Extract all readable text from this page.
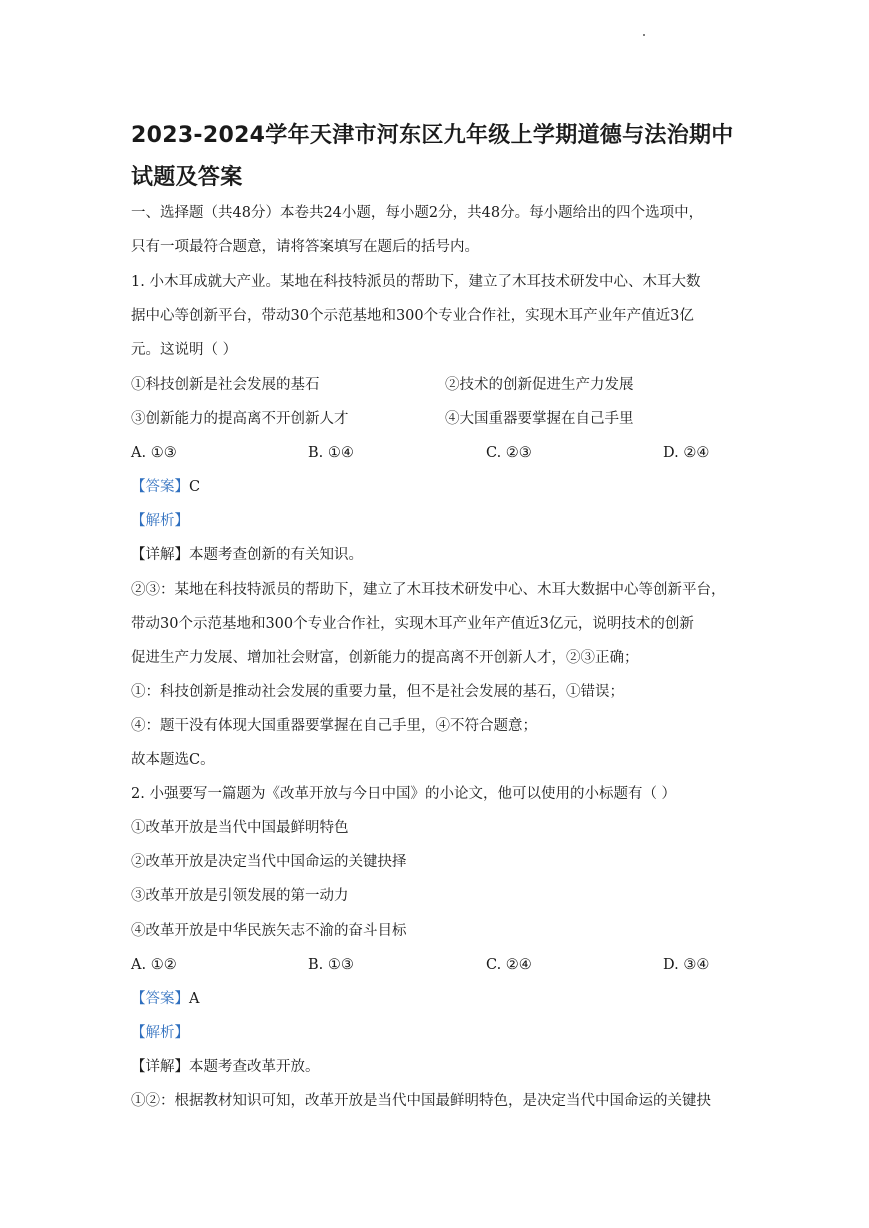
2023-2024学年天津市河东区九年级上学期道德与法治期中
试题及答案
一、选择题（共48分）本卷共24小题，每小题2分，共48分。每小题给出的四个选项中，
只有一项最符合题意，请将答案填写在题后的括号内。
1. 小木耳成就大产业。某地在科技特派员的帮助下，建立了木耳技术研发中心、木耳大数
据中心等创新平台，带动30个示范基地和300个专业合作社，实现木耳产业年产值近3亿
元。这说明（ ）
①科技创新是社会发展的基石	②技术的创新促进生产力发展
③创新能力的提高离不开创新人才	④大国重器要掌握在自己手里
A. ①③	B. ①④	C. ②③	D. ②④
【答案】C
【解析】
【详解】本题考查创新的有关知识。
②③：某地在科技特派员的帮助下，建立了木耳技术研发中心、木耳大数据中心等创新平台，
带动30个示范基地和300个专业合作社，实现木耳产业年产值近3亿元，说明技术的创新
促进生产力发展、增加社会财富，创新能力的提高离不开创新人才，②③正确；
①：科技创新是推动社会发展的重要力量，但不是社会发展的基石，①错误；
④：题干没有体现大国重器要掌握在自己手里，④不符合题意；
故本题选C。
2. 小强要写一篇题为《改革开放与今日中国》的小论文，他可以使用的小标题有（ ）
①改革开放是当代中国最鲜明特色
②改革开放是决定当代中国命运的关键抉择
③改革开放是引领发展的第一动力
④改革开放是中华民族矢志不渝的奋斗目标
A. ①②	B. ①③	C. ②④	D. ③④
【答案】A
【解析】
【详解】本题考查改革开放。
①②：根据教材知识可知，改革开放是当代中国最鲜明特色，是决定当代中国命运的关键抉
